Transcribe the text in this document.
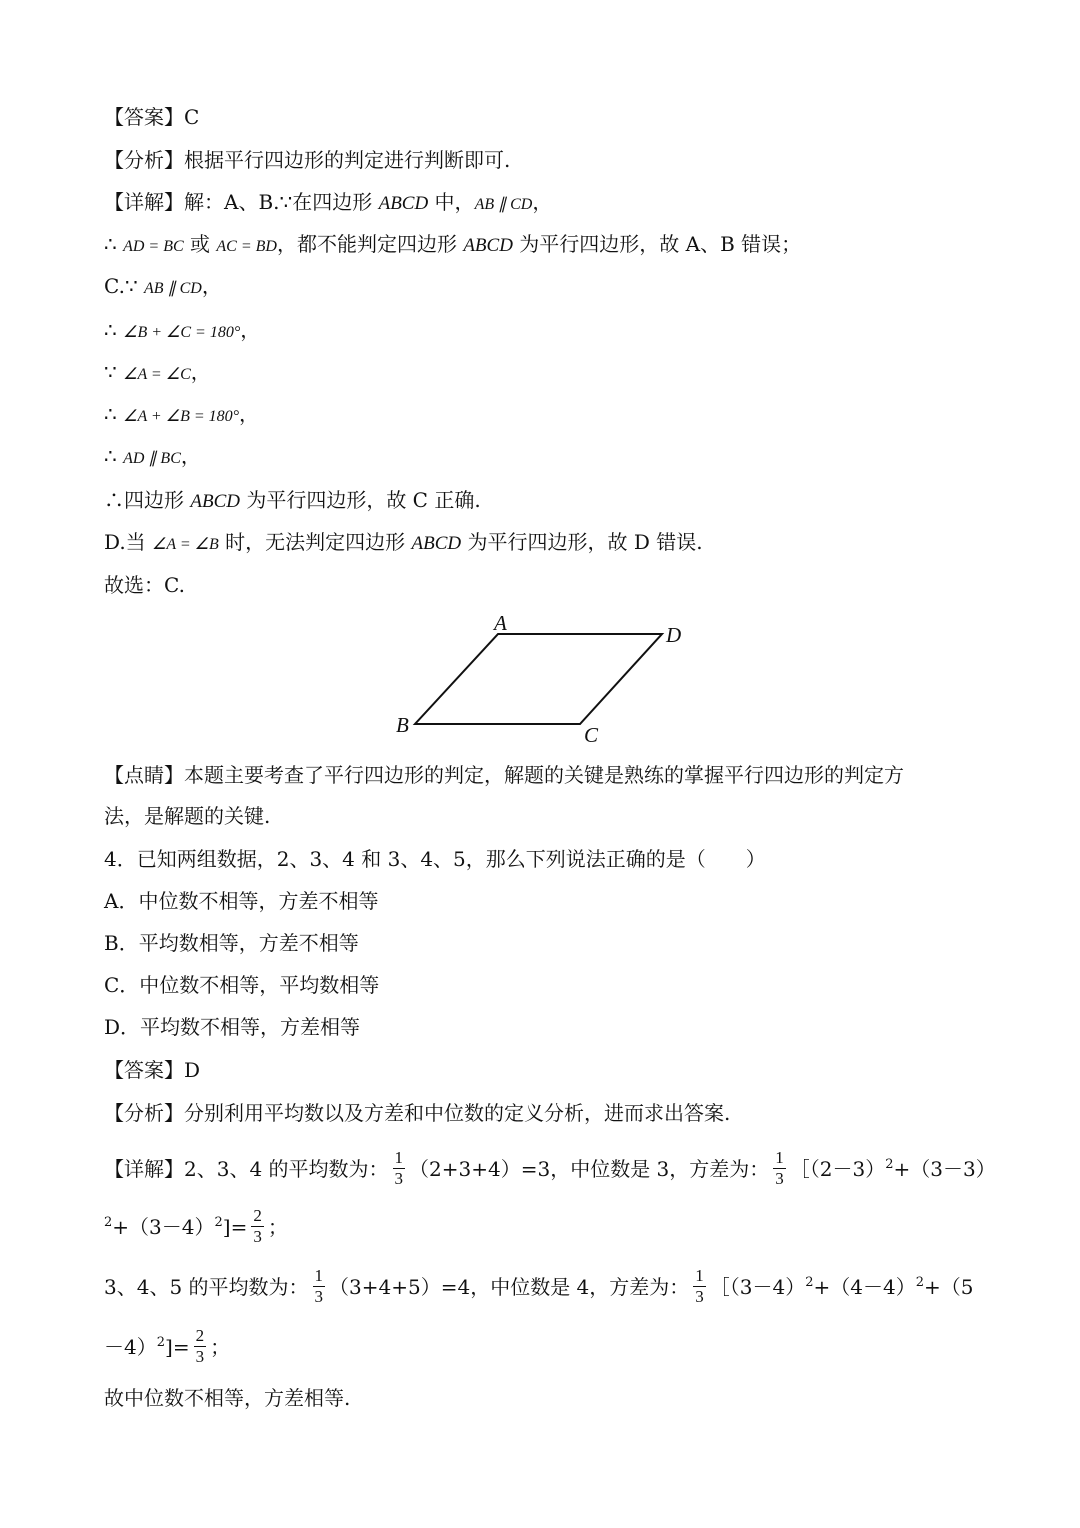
【答案】C
【分析】根据平行四边形的判定进行判断即可.
【详解】解：A、B.∵在四边形 ABCD 中，AB ∥ CD，
∴ AD = BC 或 AC = BD，都不能判定四边形 ABCD 为平行四边形，故 A、B 错误；
C.∵ AB ∥ CD，
∴ ∠B + ∠C = 180°，
∵ ∠A = ∠C，
∴ ∠A + ∠B = 180°，
∴ AD ∥ BC，
∴四边形 ABCD 为平行四边形，故 C 正确.
D.当 ∠A = ∠B 时，无法判定四边形 ABCD 为平行四边形，故 D 错误.
故选：C.
A	D
B	C
【点睛】本题主要考查了平行四边形的判定，解题的关键是熟练的掌握平行四边形的判定方
法，是解题的关键.
4．已知两组数据，2、3、4 和 3、4、5，那么下列说法正确的是（　　）
A．中位数不相等，方差不相等
B．平均数相等，方差不相等
C．中位数不相等，平均数相等
D．平均数不相等，方差相等
【答案】D
【分析】分别利用平均数以及方差和中位数的定义分析，进而求出答案.
【详解】2、3、4 的平均数为： $\frac{1}{3} (2+3+4)=3$，中位数是 3，方差为： $\frac{1}{3}$ $[(2-3)^2+(3-3)$
$^2+(3-4)^2]= \frac{2}{3}$ ；
3、4、5 的平均数为： $\frac{1}{3} (3+4+5)=4$，中位数是 4，方差为： $\frac{1}{3}$ $[(3-4)^2+(4-4)^2+(5$
$-4)^2]= \frac{2}{3}$ ；
故中位数不相等，方差相等.
